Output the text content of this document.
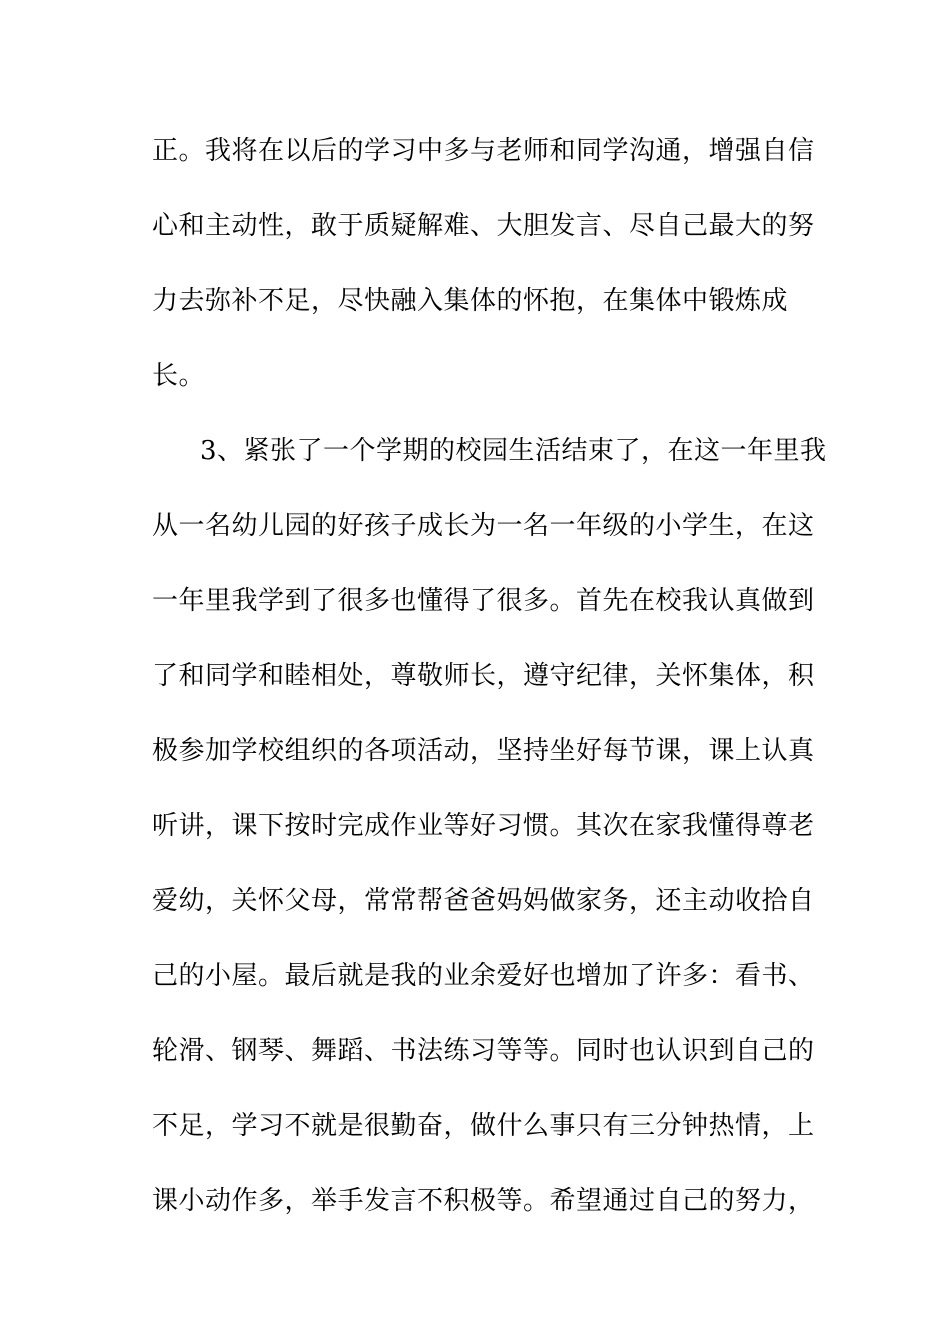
正。我将在以后的学习中多与老师和同学沟通，增强自信
心和主动性，敢于质疑解难、大胆发言、尽自己最大的努
力去弥补不足，尽快融入集体的怀抱，在集体中锻炼成
长。
3、紧张了一个学期的校园生活结束了，在这一年里我
从一名幼儿园的好孩子成长为一名一年级的小学生，在这
一年里我学到了很多也懂得了很多。首先在校我认真做到
了和同学和睦相处，尊敬师长，遵守纪律，关怀集体，积
极参加学校组织的各项活动，坚持坐好每节课，课上认真
听讲，课下按时完成作业等好习惯。其次在家我懂得尊老
爱幼，关怀父母，常常帮爸爸妈妈做家务，还主动收拾自
己的小屋。最后就是我的业余爱好也增加了许多：看书、
轮滑、钢琴、舞蹈、书法练习等等。同时也认识到自己的
不足，学习不就是很勤奋，做什么事只有三分钟热情，上
课小动作多，举手发言不积极等。希望通过自己的努力，
